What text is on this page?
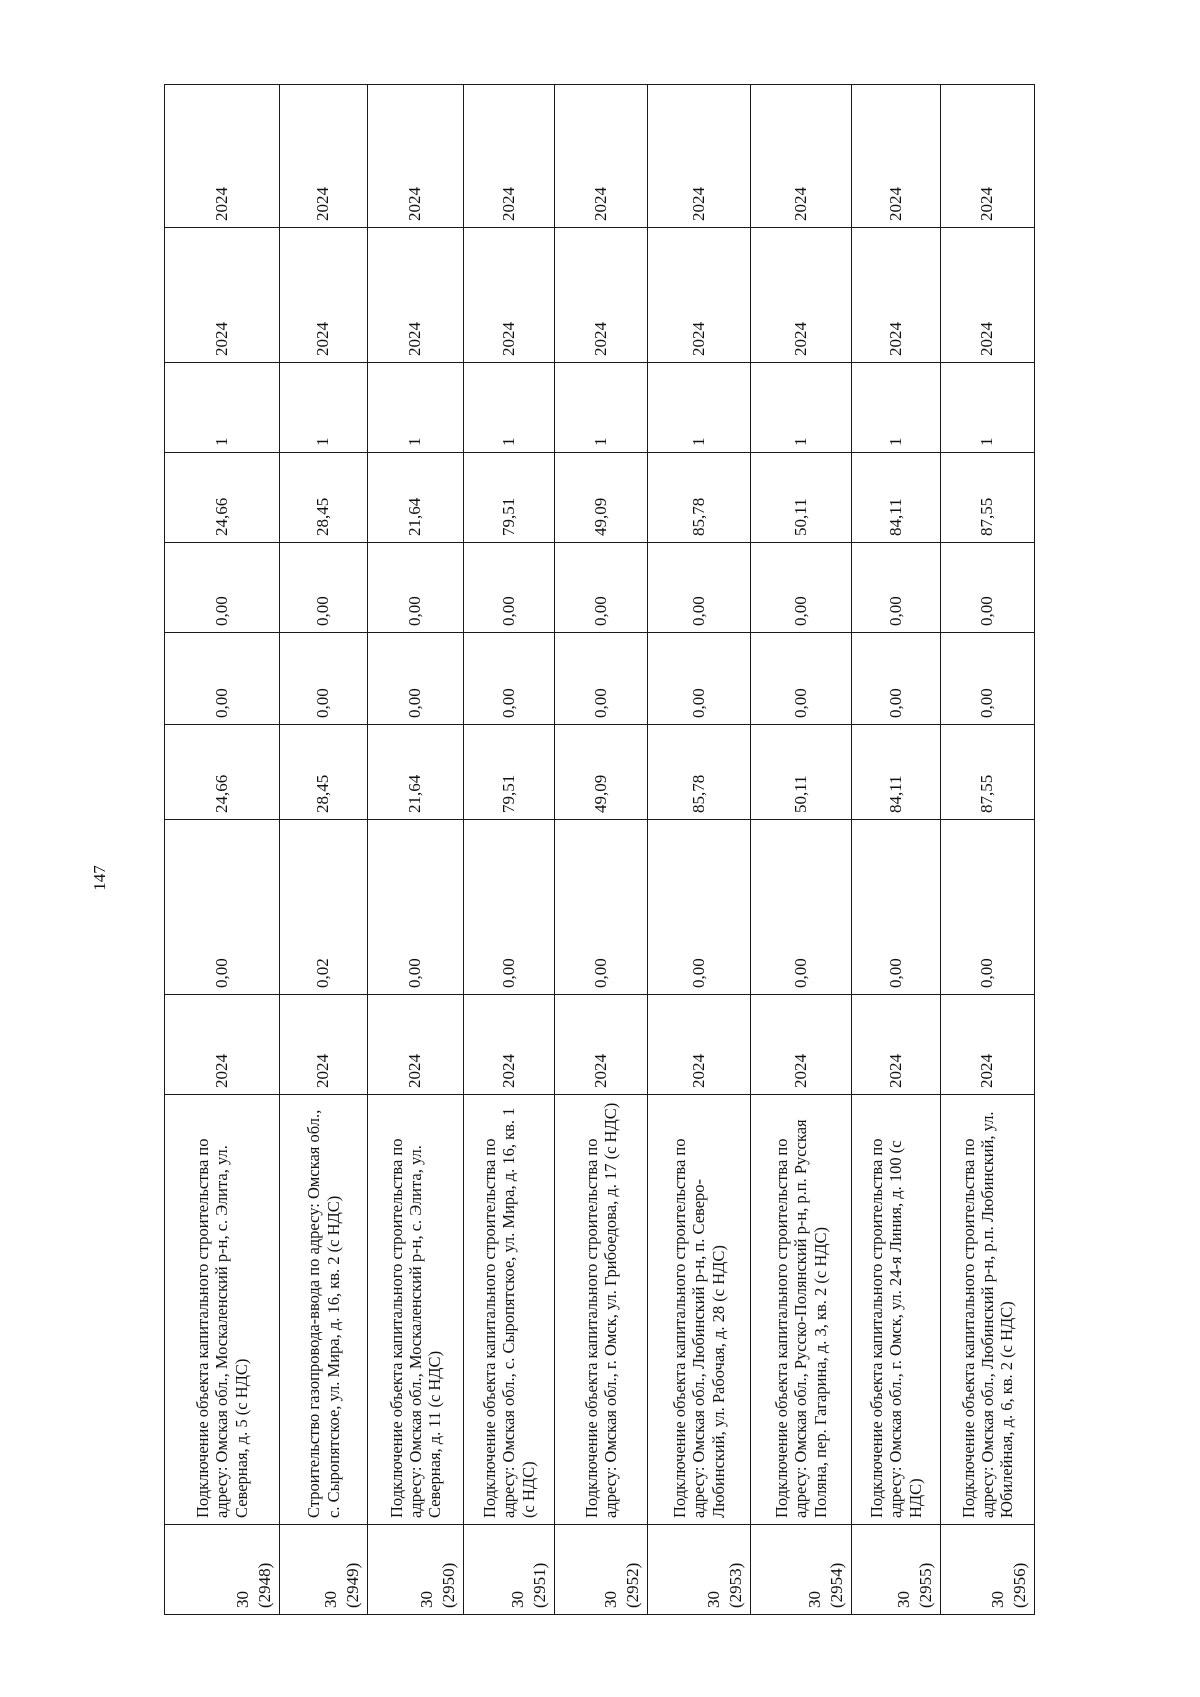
147
30 (2948)	Подключение объекта капитального строительства по адресу: Омская обл., Москаленский р-н, с. Элита, ул. Северная, д. 5 (с НДС)	2024	0,00	24,66	0,00	0,00	24,66	1	2024	2024

30 (2949)	Строительство газопровода-ввода по адресу: Омская обл., с. Сыропятское, ул. Мира, д. 16, кв. 2 (с НДС)	2024	0,02	28,45	0,00	0,00	28,45	1	2024	2024

30 (2950)	Подключение объекта капитального строительства по адресу: Омская обл., Москаленский р-н, с. Элита, ул. Северная, д. 11 (с НДС)	2024	0,00	21,64	0,00	0,00	21,64	1	2024	2024

30 (2951)	Подключение объекта капитального строительства по адресу: Омская обл., с. Сыропятское, ул. Мира, д. 16, кв. 1 (с НДС)	2024	0,00	79,51	0,00	0,00	79,51	1	2024	2024

30 (2952)	Подключение объекта капитального строительства по адресу: Омская обл., г. Омск, ул. Грибоедова, д. 17 (с НДС)	2024	0,00	49,09	0,00	0,00	49,09	1	2024	2024

30 (2953)	Подключение объекта капитального строительства по адресу: Омская обл., Любинский р-н, п. Северо-Любинский, ул. Рабочая, д. 28 (с НДС)	2024	0,00	85,78	0,00	0,00	85,78	1	2024	2024

30 (2954)	Подключение объекта капитального строительства по адресу: Омская обл., Русско-Полянский р-н, р.п. Русская Поляна, пер. Гагарина, д. 3, кв. 2 (с НДС)	2024	0,00	50,11	0,00	0,00	50,11	1	2024	2024

30 (2955)	Подключение объекта капитального строительства по адресу: Омская обл., г. Омск, ул. 24-я Линия, д. 100 (с НДС)	2024	0,00	84,11	0,00	0,00	84,11	1	2024	2024

30 (2956)	Подключение объекта капитального строительства по адресу: Омская обл., Любинский р-н, р.п. Любинский, ул. Юбилейная, д. 6, кв. 2 (с НДС)	2024	0,00	87,55	0,00	0,00	87,55	1	2024	2024
